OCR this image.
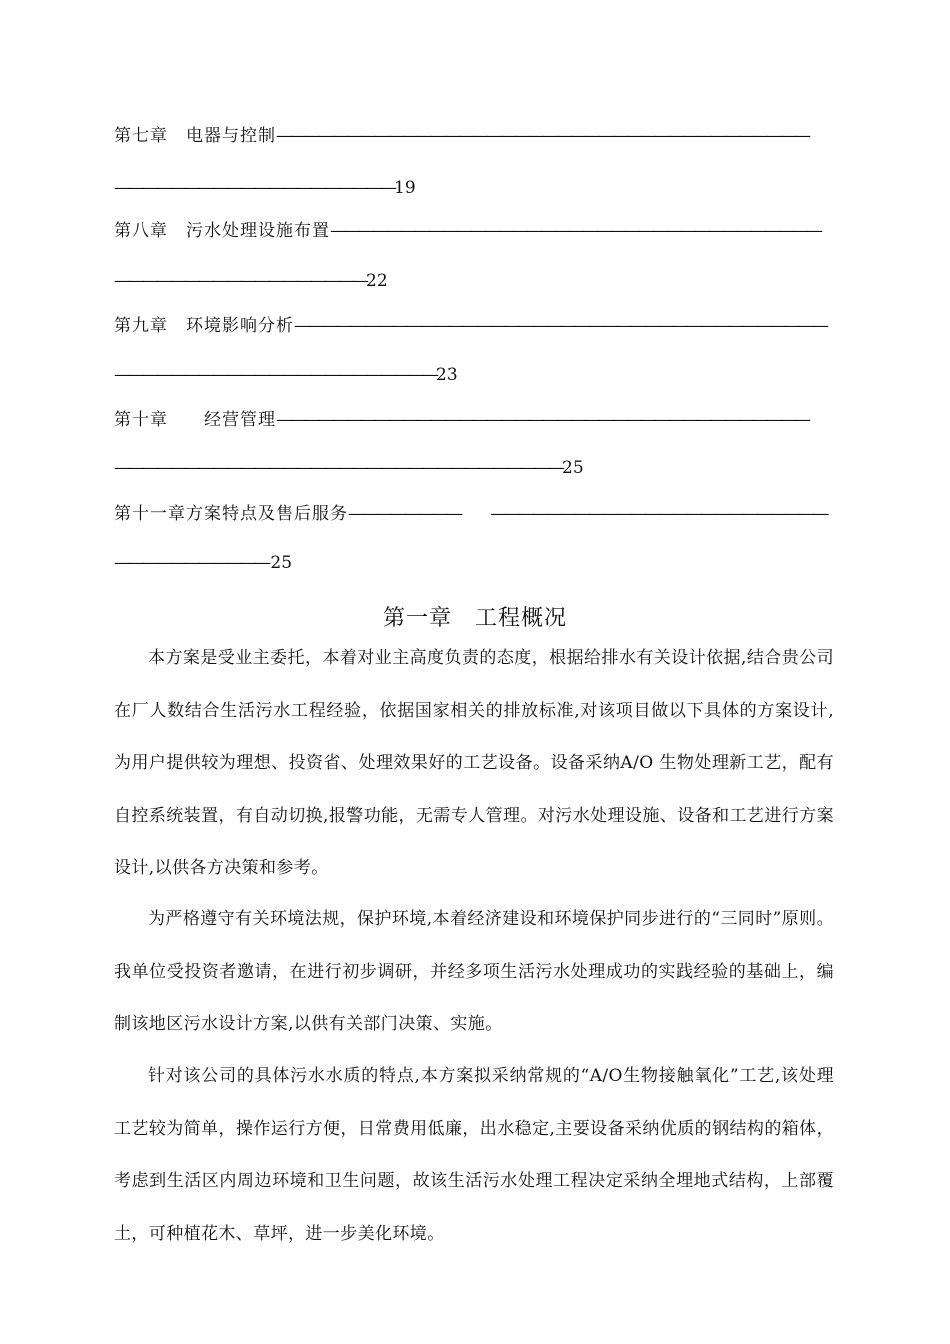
第七章　电器与控制——————————————————————————————————————
————————————————————19
第八章　污水处理设施布置———————————————————————————————————
——————————————————22
第九章　环境影响分析——————————————————————————————————————
———————————————————————23
第十章　　经营管理——————————————————————————————————————
————————————————————————————————25
第十一章方案特点及售后服务————————　　 ————————————————————————
——————————— 25
第一章　工程概况

本方案是受业主委托，本着对业主高度负责的态度，根据给排水有关设计依据,结合贵公司在厂人数结合生活污水工程经验，依据国家相关的排放标准,对该项目做以下具体的方案设计,为用户提供较为理想、投资省、处理效果好的工艺设备。设备采纳A/O 生物处理新工艺，配有自控系统装置，有自动切换,报警功能，无需专人管理。对污水处理设施、设备和工艺进行方案设计,以供各方决策和参考。

为严格遵守有关环境法规，保护环境,本着经济建设和环境保护同步进行的“三同时”原则。我单位受投资者邀请，在进行初步调研，并经多项生活污水处理成功的实践经验的基础上，编制该地区污水设计方案,以供有关部门决策、实施。

针对该公司的具体污水水质的特点,本方案拟采纳常规的“A/O生物接触氧化”工艺,该处理工艺较为简单，操作运行方便，日常费用低廉，出水稳定,主要设备采纳优质的钢结构的箱体，考虑到生活区内周边环境和卫生问题，故该生活污水处理工程决定采纳全埋地式结构，上部覆土，可种植花木、草坪，进一步美化环境。
